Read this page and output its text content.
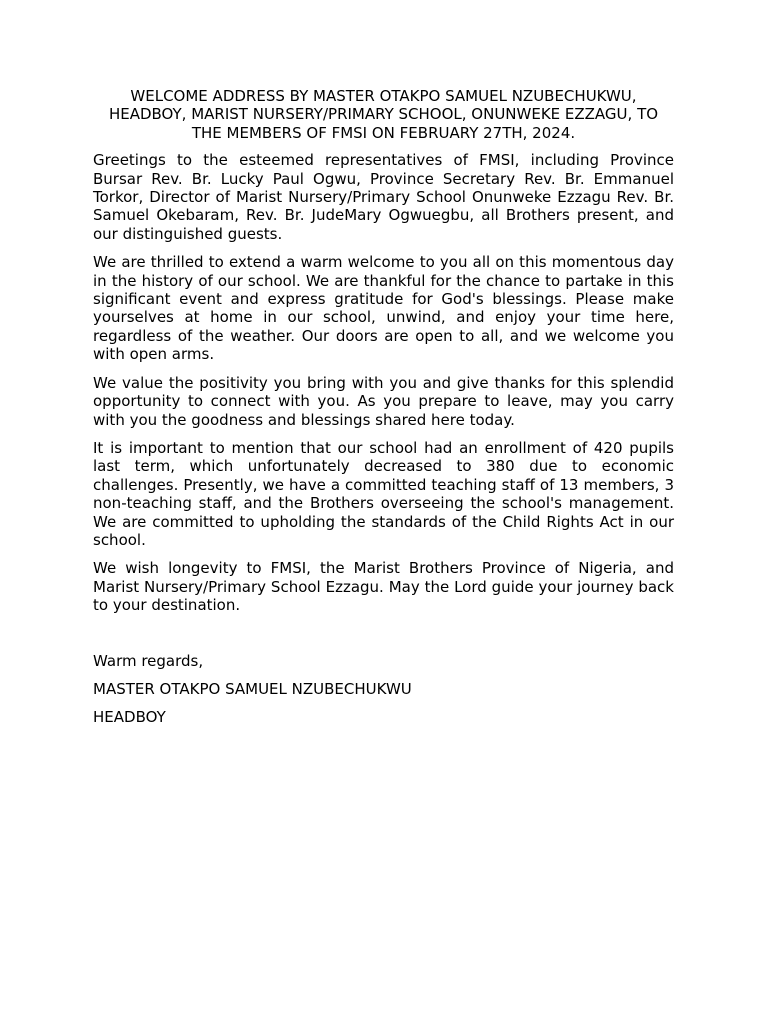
WELCOME ADDRESS BY MASTER OTAKPO SAMUEL NZUBECHUKWU, HEADBOY, MARIST NURSERY/PRIMARY SCHOOL, ONUNWEKE EZZAGU, TO THE MEMBERS OF FMSI ON FEBRUARY 27TH, 2024.

Greetings to the esteemed representatives of FMSI, including Province Bursar Rev. Br. Lucky Paul Ogwu, Province Secretary Rev. Br. Emmanuel Torkor, Director of Marist Nursery/Primary School Onunweke Ezzagu Rev. Br. Samuel Okebaram, Rev. Br. JudeMary Ogwuegbu, all Brothers present, and our distinguished guests.

We are thrilled to extend a warm welcome to you all on this momentous day in the history of our school. We are thankful for the chance to partake in this significant event and express gratitude for God's blessings. Please make yourselves at home in our school, unwind, and enjoy your time here, regardless of the weather. Our doors are open to all, and we welcome you with open arms.

We value the positivity you bring with you and give thanks for this splendid opportunity to connect with you. As you prepare to leave, may you carry with you the goodness and blessings shared here today.

It is important to mention that our school had an enrollment of 420 pupils last term, which unfortunately decreased to 380 due to economic challenges. Presently, we have a committed teaching staff of 13 members, 3 non-teaching staff, and the Brothers overseeing the school's management. We are committed to upholding the standards of the Child Rights Act in our school.

We wish longevity to FMSI, the Marist Brothers Province of Nigeria, and Marist Nursery/Primary School Ezzagu. May the Lord guide your journey back to your destination.

Warm regards,

MASTER OTAKPO SAMUEL NZUBECHUKWU

HEADBOY
